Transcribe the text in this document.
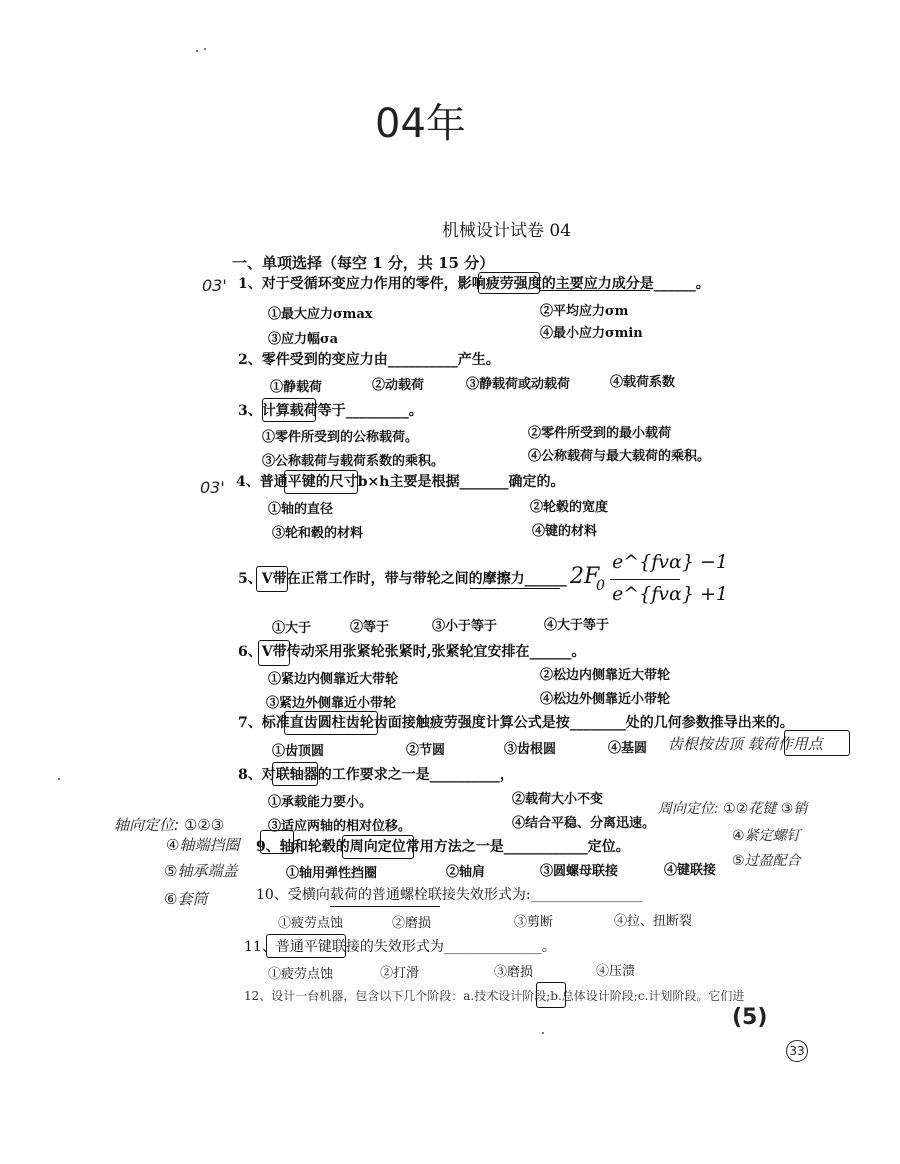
04年
机械设计试卷 04
一、单项选择（每空 1 分，共 15 分）
03'
03'
1、对于受循环变应力作用的零件，影响疲劳强度的主要应力成分是______。
①最大应力σmax	②平均应力σm
③应力幅σa	④最小应力σmin
2、零件受到的变应力由__________产生。
①静载荷	②动载荷	③静载荷或动载荷	④载荷系数
3、计算载荷等于_________。
①零件所受到的公称载荷。	②零件所受到的最小载荷
③公称载荷与载荷系数的乘积。	④公称载荷与最大载荷的乘积。
4、普通平键的尺寸b×h主要是根据_______确定的。
①轴的直径	②轮毂的宽度
③轮和毂的材料	④键的材料
5、V带在正常工作时，带与带轮之间的摩擦力______ 2F
0
e^{fvα} −1
e^{fvα} +1
①大于	②等于	③小于等于	④大于等于
6、V带传动采用张紧轮张紧时,张紧轮宜安排在______。
①紧边内侧靠近大带轮	②松边内侧靠近大带轮
③紧边外侧靠近小带轮	④松边外侧靠近小带轮
7、标准直齿圆柱齿轮齿面接触疲劳强度计算公式是按________处的几何参数推导出来的。
①齿顶圆	②节圆	③齿根圆	④基圆 齿根按齿顶 载荷作用点
8、对联轴器的工作要求之一是__________，
①承载能力要小。	②载荷大小不变
③适应两轴的相对位移。	④结合平稳、分离迅速。
周向定位: ①②花键 ③销
④紧定螺钉
⑤过盈配合
轴向定位: ①②③
④轴端挡圈
⑤轴承端盖
⑥套筒
9、轴和轮毂的周向定位常用方法之一是____________定位。
①轴用弹性挡圈	②轴肩	③圆螺母联接	④键联接
10、受横向载荷的普通螺栓联接失效形式为:________________
①疲劳点蚀	②磨损	③剪断	④拉、扭断裂
11、普通平键联接的失效形式为______________。
①疲劳点蚀	②打滑	③磨损	④压溃
12、设计一台机器，包含以下几个阶段：a.技术设计阶段;b.总体设计阶段;c.计划阶段。它们进
(5)
33
